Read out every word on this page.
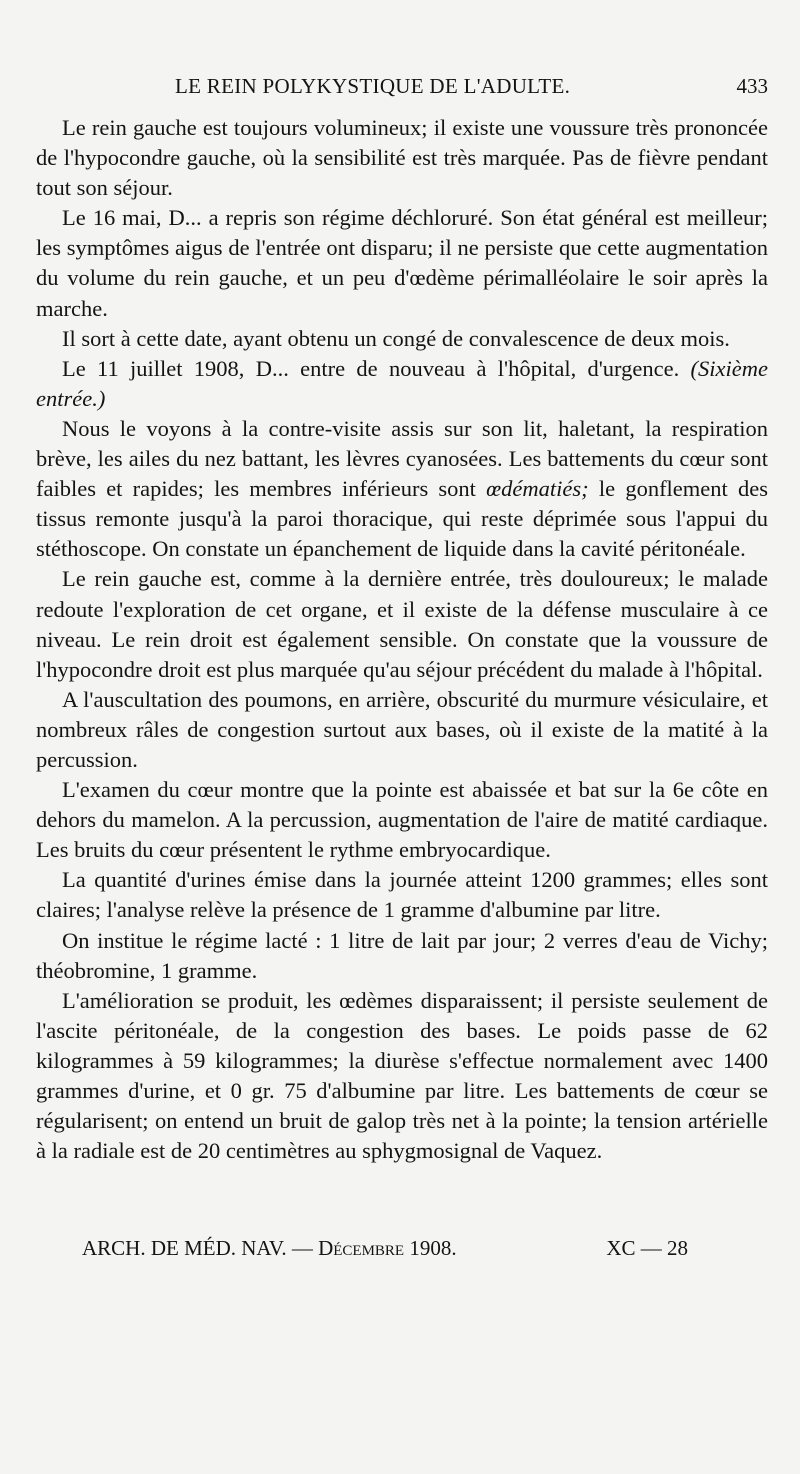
LE REIN POLYKYSTIQUE DE L'ADULTE.	433

Le rein gauche est toujours volumineux; il existe une voussure très prononcée de l'hypocondre gauche, où la sensibilité est très marquée. Pas de fièvre pendant tout son séjour.

Le 16 mai, D... a repris son régime déchloruré. Son état général est meilleur; les symptômes aigus de l'entrée ont disparu; il ne persiste que cette augmentation du volume du rein gauche, et un peu d'œdème périmalléolaire le soir après la marche.

Il sort à cette date, ayant obtenu un congé de convalescence de deux mois.

Le 11 juillet 1908, D... entre de nouveau à l'hôpital, d'urgence. (Sixième entrée.)

Nous le voyons à la contre-visite assis sur son lit, haletant, la respiration brève, les ailes du nez battant, les lèvres cyanosées. Les battements du cœur sont faibles et rapides; les membres inférieurs sont œdématiés; le gonflement des tissus remonte jusqu'à la paroi thoracique, qui reste déprimée sous l'appui du stéthoscope. On constate un épanchement de liquide dans la cavité péritonéale.

Le rein gauche est, comme à la dernière entrée, très douloureux; le malade redoute l'exploration de cet organe, et il existe de la défense musculaire à ce niveau. Le rein droit est également sensible. On constate que la voussure de l'hypocondre droit est plus marquée qu'au séjour précédent du malade à l'hôpital.

A l'auscultation des poumons, en arrière, obscurité du murmure vésiculaire, et nombreux râles de congestion surtout aux bases, où il existe de la matité à la percussion.

L'examen du cœur montre que la pointe est abaissée et bat sur la 6e côte en dehors du mamelon. A la percussion, augmentation de l'aire de matité cardiaque. Les bruits du cœur présentent le rythme embryocardique.

La quantité d'urines émise dans la journée atteint 1200 grammes; elles sont claires; l'analyse relève la présence de 1 gramme d'albumine par litre.

On institue le régime lacté : 1 litre de lait par jour; 2 verres d'eau de Vichy; théobromine, 1 gramme.

L'amélioration se produit, les œdèmes disparaissent; il persiste seulement de l'ascite péritonéale, de la congestion des bases. Le poids passe de 62 kilogrammes à 59 kilogrammes; la diurèse s'effectue normalement avec 1400 grammes d'urine, et 0 gr. 75 d'albumine par litre. Les battements de cœur se régularisent; on entend un bruit de galop très net à la pointe; la tension artérielle à la radiale est de 20 centimètres au sphygmosignal de Vaquez.

ARCH. DE MÉD. NAV. — Décembre 1908.	XC — 28
